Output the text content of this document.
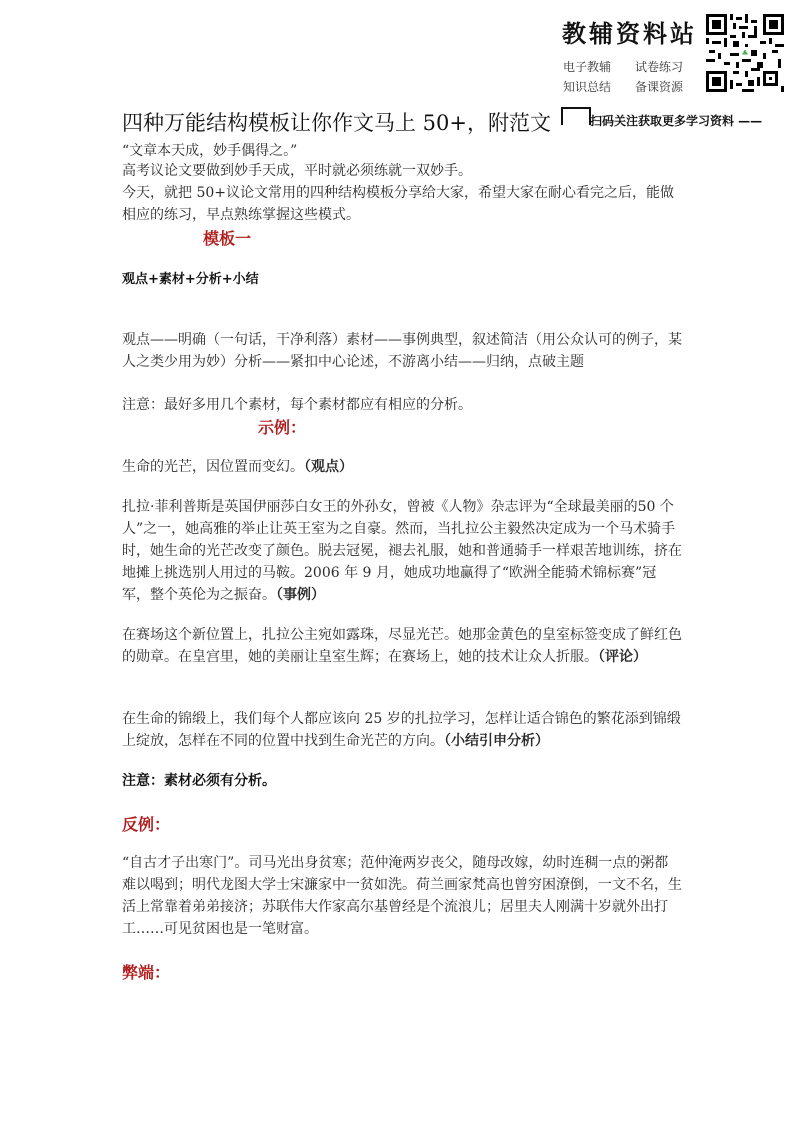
教辅资料站
电子教辅	试卷练习
知识总结	备课资源
四种万能结构模板让你作文马上 50+，附范文	扫码关注获取更多学习资料 ——
“文章本天成，妙手偶得之。”
高考议论文要做到妙手天成，平时就必须练就一双妙手。
今天，就把 50+议论文常用的四种结构模板分享给大家，希望大家在耐心看完之后，能做相应的练习，早点熟练掌握这些模式。
模板一
观点+素材+分析+小结
观点——明确（一句话，干净利落）素材——事例典型，叙述简洁（用公众认可的例子，某人之类少用为妙）分析——紧扣中心论述，不游离小结——归纳，点破主题
注意：最好多用几个素材，每个素材都应有相应的分析。
示例：
生命的光芒，因位置而变幻。（观点）
扎拉·菲利普斯是英国伊丽莎白女王的外孙女，曾被《人物》杂志评为“全球最美丽的50 个人”之一，她高雅的举止让英王室为之自豪。然而，当扎拉公主毅然决定成为一个马术骑手时，她生命的光芒改变了颜色。脱去冠冕，褪去礼服，她和普通骑手一样艰苦地训练，挤在地摊上挑选别人用过的马鞍。2006 年 9 月，她成功地赢得了“欧洲全能骑术锦标赛”冠军，整个英伦为之振奋。（事例）
在赛场这个新位置上，扎拉公主宛如露珠，尽显光芒。她那金黄色的皇室标签变成了鲜红色的勋章。在皇宫里，她的美丽让皇室生辉；在赛场上，她的技术让众人折服。（评论）
在生命的锦缎上，我们每个人都应该向 25 岁的扎拉学习，怎样让适合锦色的繁花添到锦缎上绽放，怎样在不同的位置中找到生命光芒的方向。（小结引申分析）
注意：素材必须有分析。
反例：
“自古才子出寒门”。司马光出身贫寒；范仲淹两岁丧父，随母改嫁，幼时连稠一点的粥都难以喝到；明代龙图大学士宋濂家中一贫如洗。荷兰画家梵高也曾穷困潦倒，一文不名，生活上常靠着弟弟接济；苏联伟大作家高尔基曾经是个流浪儿；居里夫人刚满十岁就外出打工……可见贫困也是一笔财富。
弊端：
